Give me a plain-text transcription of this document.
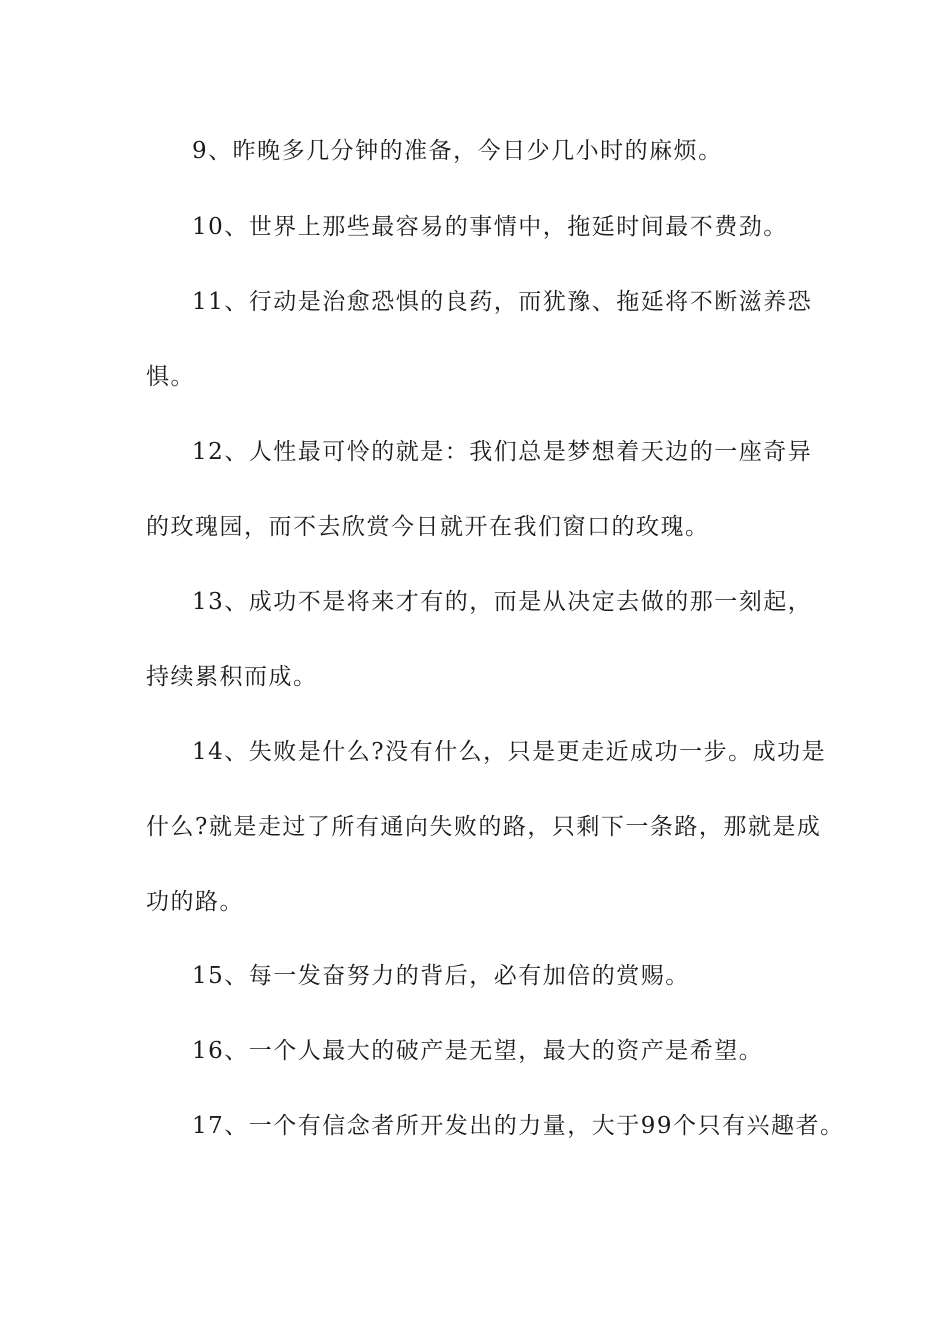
9、昨晚多几分钟的准备，今日少几小时的麻烦。
10、世界上那些最容易的事情中，拖延时间最不费劲。
11、行动是治愈恐惧的良药，而犹豫、拖延将不断滋养恐
惧。
12、人性最可怜的就是：我们总是梦想着天边的一座奇异
的玫瑰园，而不去欣赏今日就开在我们窗口的玫瑰。
13、成功不是将来才有的，而是从决定去做的那一刻起，
持续累积而成。
14、失败是什么?没有什么，只是更走近成功一步。成功是
什么?就是走过了所有通向失败的路，只剩下一条路，那就是成
功的路。
15、每一发奋努力的背后，必有加倍的赏赐。
16、一个人最大的破产是无望，最大的资产是希望。
17、一个有信念者所开发出的力量，大于99个只有兴趣者。
